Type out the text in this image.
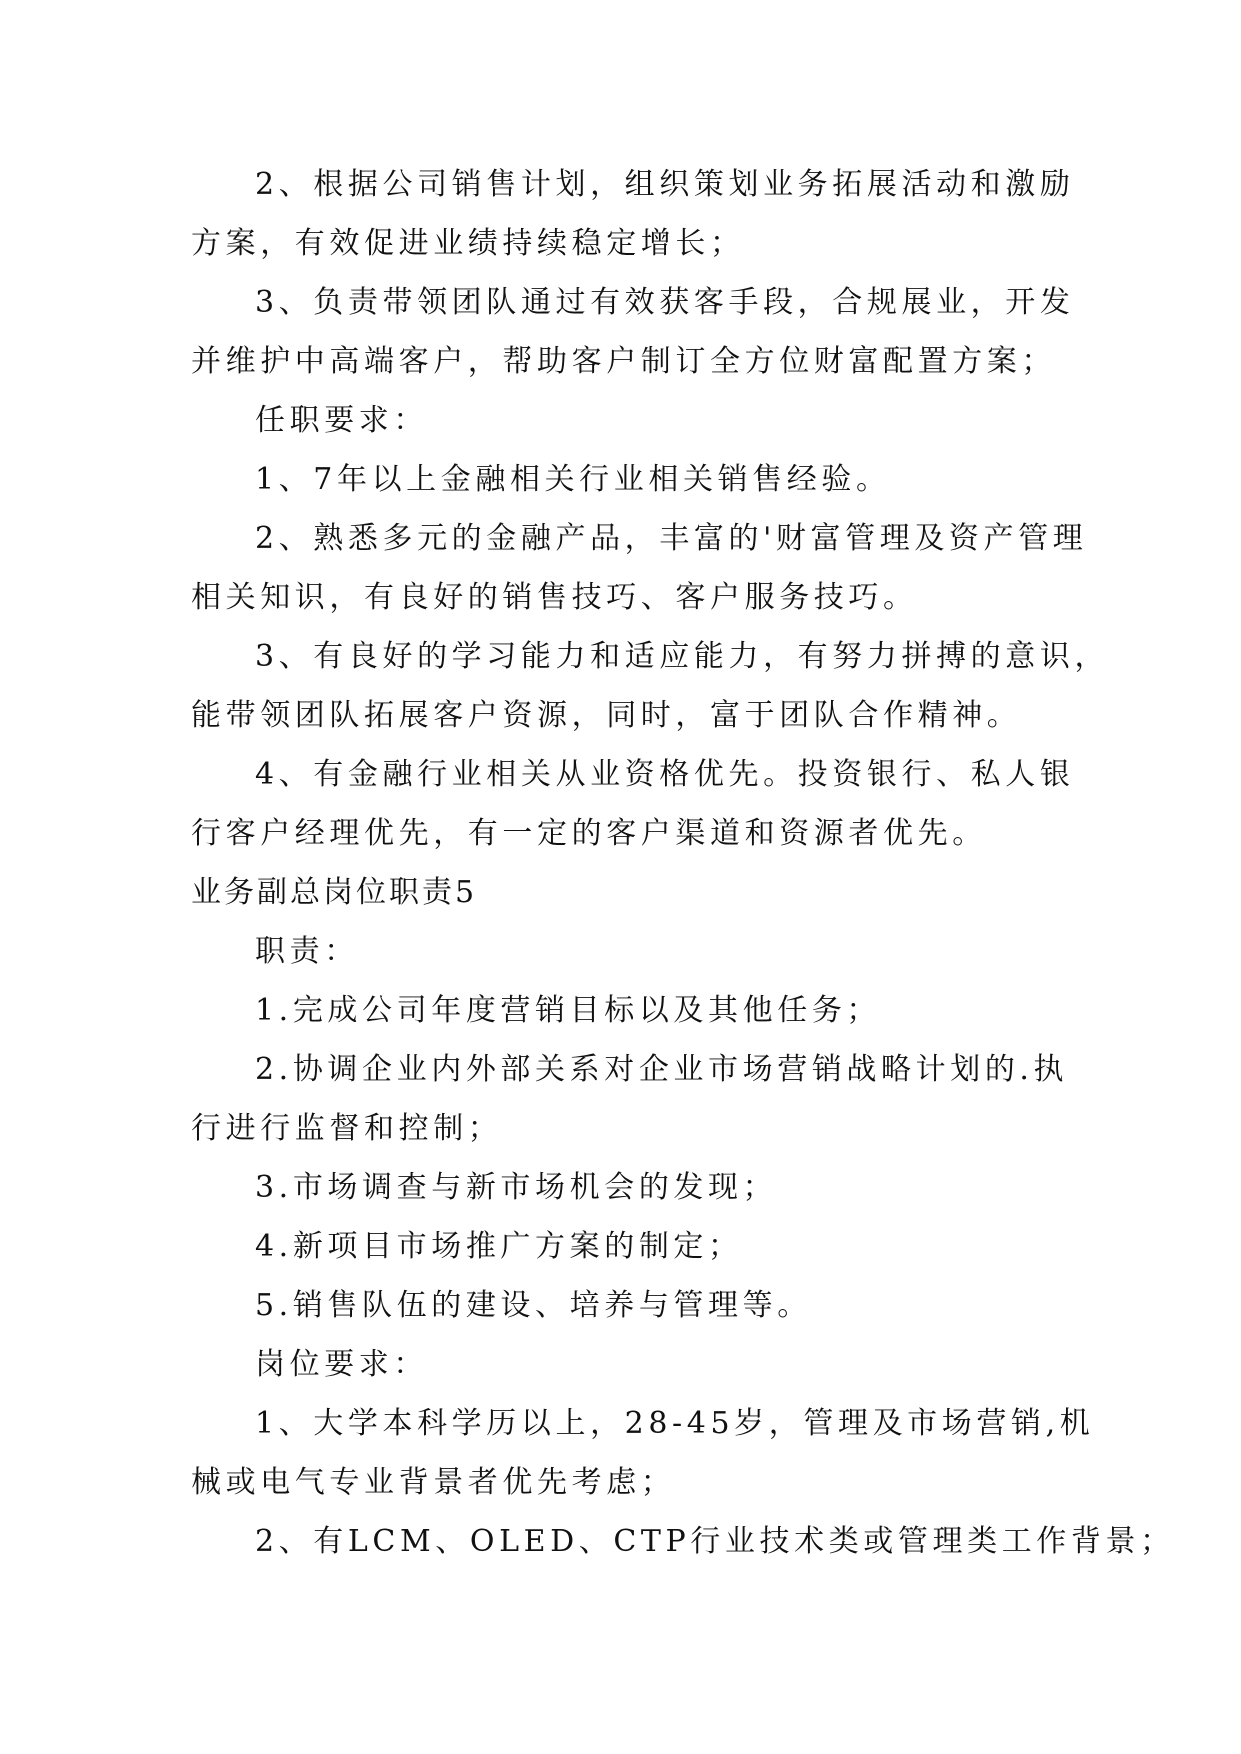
2、根据公司销售计划，组织策划业务拓展活动和激励
方案，有效促进业绩持续稳定增长；
3、负责带领团队通过有效获客手段，合规展业，开发
并维护中高端客户，帮助客户制订全方位财富配置方案；
任职要求：
1、7年以上金融相关行业相关销售经验。
2、熟悉多元的金融产品，丰富的'财富管理及资产管理
相关知识，有良好的销售技巧、客户服务技巧。
3、有良好的学习能力和适应能力，有努力拼搏的意识，
能带领团队拓展客户资源，同时，富于团队合作精神。
4、有金融行业相关从业资格优先。投资银行、私人银
行客户经理优先，有一定的客户渠道和资源者优先。
业务副总岗位职责5
职责：
1.完成公司年度营销目标以及其他任务；
2.协调企业内外部关系对企业市场营销战略计划的.执
行进行监督和控制；
3.市场调查与新市场机会的发现；
4.新项目市场推广方案的制定；
5.销售队伍的建设、培养与管理等。
岗位要求：
1、大学本科学历以上，28-45岁，管理及市场营销,机
械或电气专业背景者优先考虑；
2、有LCM、OLED、CTP行业技术类或管理类工作背景；
